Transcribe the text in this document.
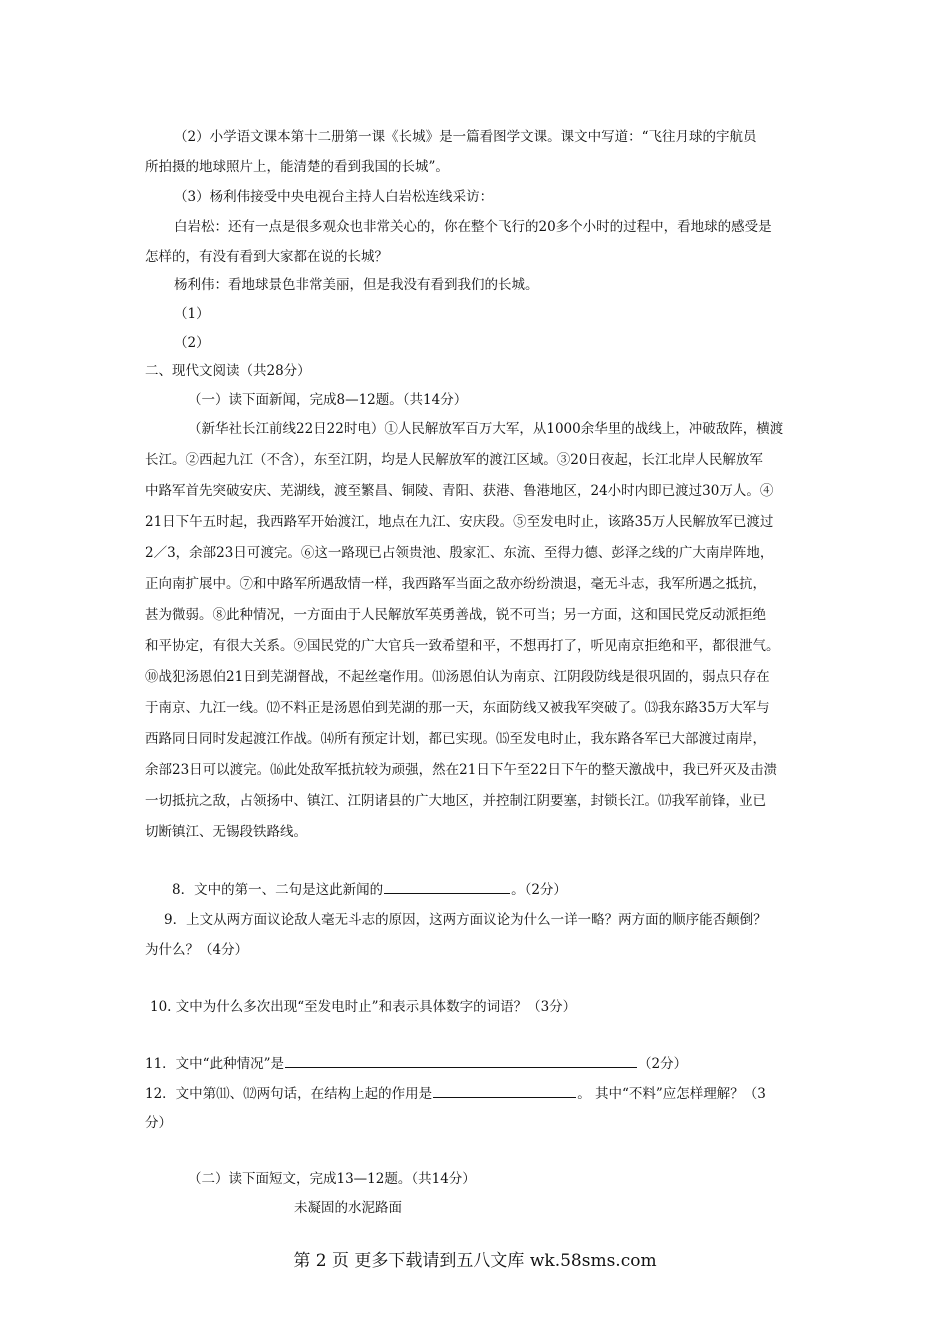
（2）小学语文课本第十二册第一课《长城》是一篇看图学文课。课文中写道：“飞往月球的宇航员
所拍摄的地球照片上，能清楚的看到我国的长城”。
（3）杨利伟接受中央电视台主持人白岩松连线采访：
白岩松：还有一点是很多观众也非常关心的，你在整个飞行的20多个小时的过程中，看地球的感受是
怎样的，有没有看到大家都在说的长城？
杨利伟：看地球景色非常美丽，但是我没有看到我们的长城。
（1）
（2）
二、现代文阅读（共28分）
（一）读下面新闻，完成8—12题。（共14分）
（新华社长江前线22日22时电）①人民解放军百万大军，从1000余华里的战线上，冲破敌阵，横渡
长江。②西起九江（不含），东至江阴，均是人民解放军的渡江区域。③20日夜起，长江北岸人民解放军
中路军首先突破安庆、芜湖线，渡至繁昌、铜陵、青阳、获港、鲁港地区，24小时内即已渡过30万人。④
21日下午五时起，我西路军开始渡江，地点在九江、安庆段。⑤至发电时止，该路35万人民解放军已渡过
2／3，余部23日可渡完。⑥这一路现已占领贵池、殷家汇、东流、至得力德、彭泽之线的广大南岸阵地，
正向南扩展中。⑦和中路军所遇敌情一样，我西路军当面之敌亦纷纷溃退，毫无斗志，我军所遇之抵抗，
甚为微弱。⑧此种情况，一方面由于人民解放军英勇善战，锐不可当；另一方面，这和国民党反动派拒绝
和平协定，有很大关系。⑨国民党的广大官兵一致希望和平，不想再打了，听见南京拒绝和平，都很泄气。
⑩战犯汤恩伯21日到芜湖督战，不起丝毫作用。⑾汤恩伯认为南京、江阴段防线是很巩固的，弱点只存在
于南京、九江一线。⑿不料正是汤恩伯到芜湖的那一天，东面防线又被我军突破了。⒀我东路35万大军与
西路同日同时发起渡江作战。⒁所有预定计划，都已实现。⒂至发电时止，我东路各军已大部渡过南岸，
余部23日可以渡完。⒃此处敌军抵抗较为顽强，然在21日下午至22日下午的整天激战中，我已歼灭及击溃
一切抵抗之敌，占领扬中、镇江、江阴诸县的广大地区，并控制江阴要塞，封锁长江。⒄我军前锋，业已
切断镇江、无锡段铁路线。
8．文中的第一、二句是这此新闻的	。（2分）
9．上文从两方面议论敌人毫无斗志的原因，这两方面议论为什么一详一略？两方面的顺序能否颠倒？
为什么？（4分）
10. 文中为什么多次出现“至发电时止”和表示具体数字的词语？（3分）
11．文中“此种情况”是	（2分）
12．文中第⑾、⑿两句话，在结构上起的作用是	。 其中“不料”应怎样理解？（3
分）
（二）读下面短文，完成13—12题。（共14分）
未凝固的水泥路面
第 2 页 更多下载请到五八文库 wk.58sms.com
